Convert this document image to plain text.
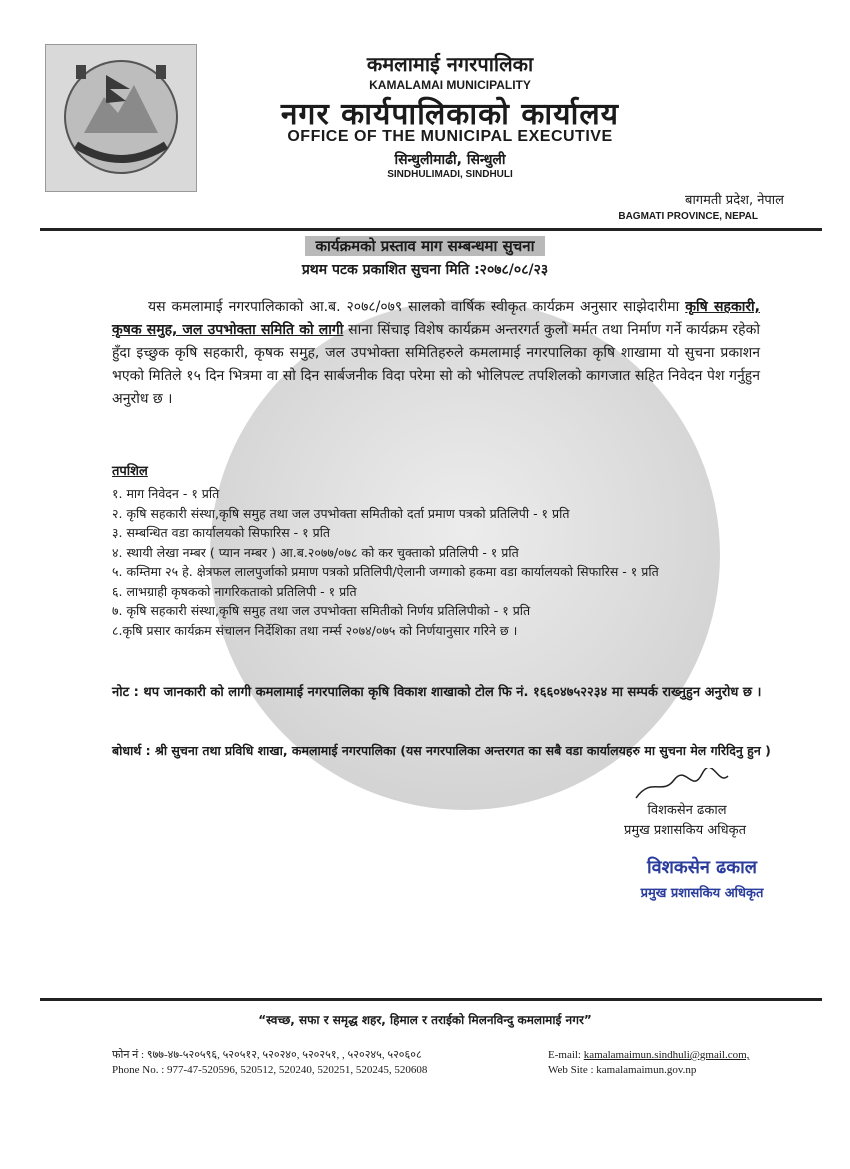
कमलामाई नगरपालिका
KAMALAMAI MUNICIPALITY
नगर कार्यपालिकाको कार्यालय
OFFICE OF THE MUNICIPAL EXECUTIVE
सिन्धुलीमाढी, सिन्धुली
SINDHULIMADI, SINDHULI
बागमती प्रदेश, नेपाल
BAGMATI PROVINCE, NEPAL
कार्यक्रमको प्रस्ताव माग सम्बन्धमा सुचना
प्रथम पटक प्रकाशित सुचना मिति :२०७८/०८/२३
यस कमलामाई नगरपालिकाको आ.ब. २०७८/०७९ सालको वार्षिक स्वीकृत कार्यक्रम अनुसार साझेदारीमा कृषि सहकारी, कृषक समुह, जल उपभोक्ता समिति को लागी साना सिंचाइ विशेष कार्यक्रम अन्तरगर्त कुलो मर्मत तथा निर्माण गर्ने कार्यक्रम रहेको हुँदा इच्छुक कृषि सहकारी, कृषक समुह, जल उपभोक्ता समितिहरुले कमलामाई नगरपालिका कृषि शाखामा यो सुचना प्रकाशन भएको मितिले १५ दिन भित्रमा वा सो दिन सार्बजनीक विदा परेमा सो को भोलिपल्ट तपशिलको कागजात सहित निवेदन पेश गर्नुहुन अनुरोध छ ।
तपशिल
१. माग निवेदन - १ प्रति
२. कृषि सहकारी संस्था,कृषि समुह तथा जल उपभोक्ता समितीको दर्ता प्रमाण पत्रको प्रतिलिपी - १ प्रति
३. सम्बन्धित वडा कार्यालयको सिफारिस - १ प्रति
४. स्थायी लेखा नम्बर ( प्यान नम्बर ) आ.ब.२०७७/०७८ को कर चुक्ताको प्रतिलिपी - १ प्रति
५. कम्तिमा २५ हे. क्षेत्रफल लालपुर्जाको प्रमाण पत्रको प्रतिलिपी/ऐलानी जग्गाको हकमा वडा कार्यालयको सिफारिस - १ प्रति
६. लाभग्राही कृषकको नागरिकताको प्रतिलिपी - १ प्रति
७. कृषि सहकारी संस्था,कृषि समुह तथा जल उपभोक्ता समितीको निर्णय प्रतिलिपीको - १ प्रति
८.कृषि प्रसार कार्यक्रम संचालन निर्देशिका तथा नर्म्स २०७४/०७५ को निर्णयानुसार गरिने छ ।
नोट : थप जानकारी को लागी कमलामाई नगरपालिका कृषि विकाश शाखाको टोल फि नं. १६६०४७५२२३४ मा सम्पर्क राख्नुहुन अनुरोध छ ।
बोधार्थ : श्री सुचना तथा प्रविधि शाखा, कमलामाई नगरपालिका (यस नगरपालिका अन्तरगत का सबै वडा कार्यालयहरु मा सुचना मेल गरिदिनु हुन )
विशकसेन ढकाल
प्रमुख प्रशासकिय अधिकृत
विशकसेन ढकाल
प्रमुख प्रशासकिय अधिकृत
“स्वच्छ, सफा र समृद्ध शहर, हिमाल र तराईको मिलनविन्दु कमलामाई नगर”
फोन नं : ९७७-४७-५२०५९६, ५२०५१२, ५२०२४०, ५२०२५१, , ५२०२४५, ५२०६०८
Phone No. : 977-47-520596, 520512, 520240, 520251, 520245, 520608
E-mail: kamalamaimun.sindhuli@gmail.com,
Web Site : kamalamaimun.gov.np
